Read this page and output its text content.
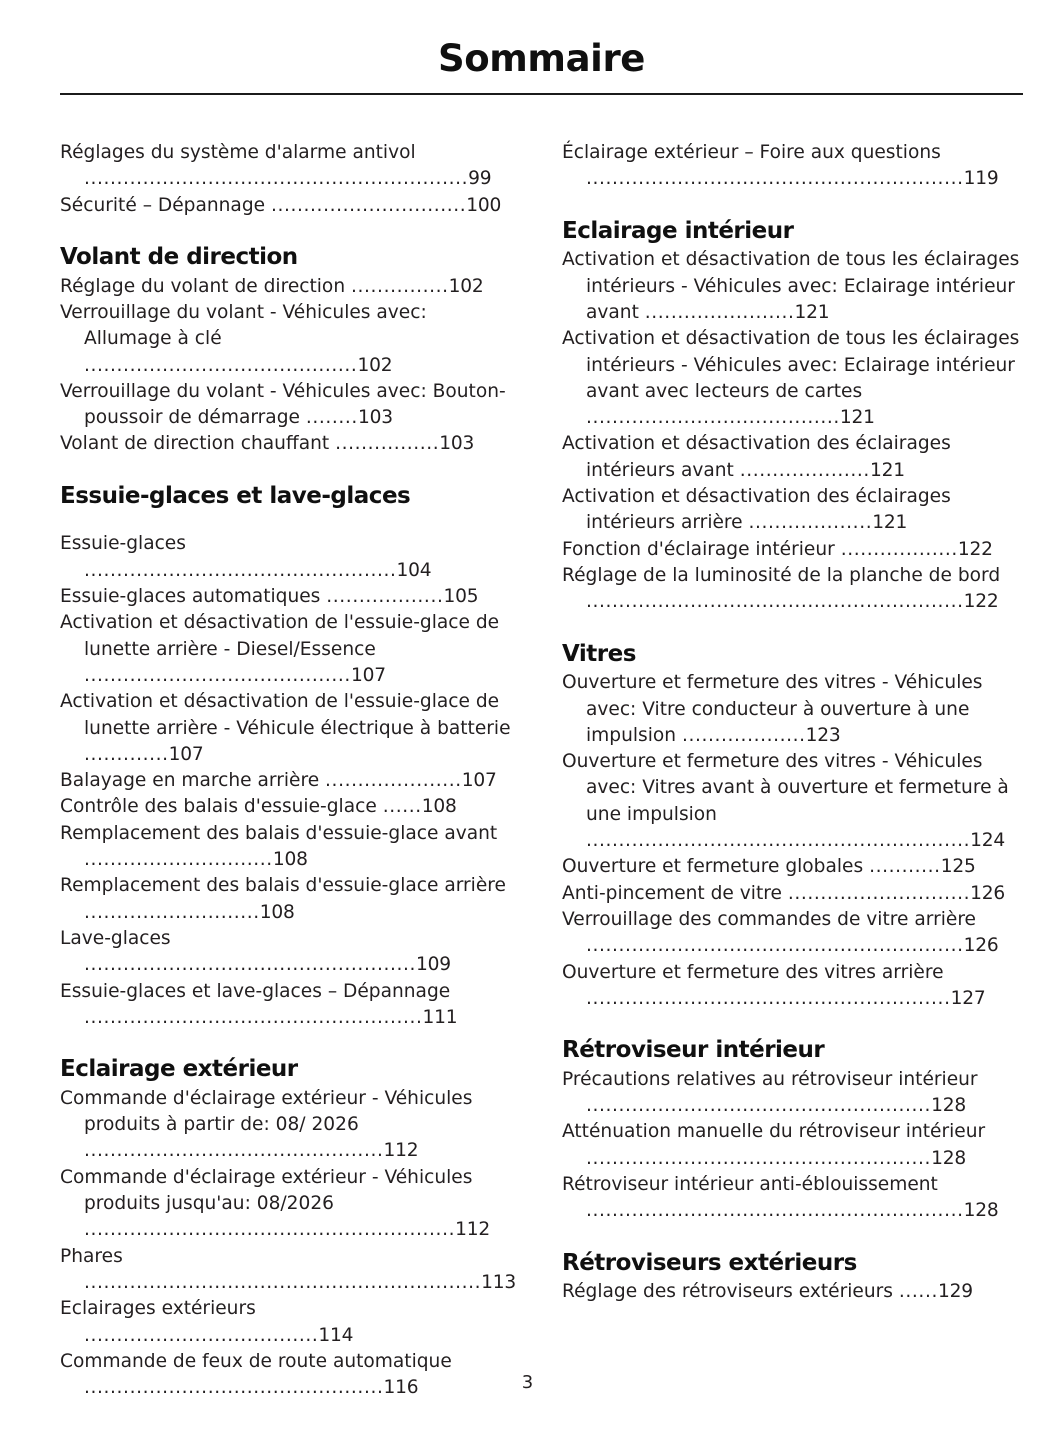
Sommaire
Réglages du système d'alarme antivol ...........................................................99
Sécurité – Dépannage ..............................100
Volant de direction
Réglage du volant de direction ...............102
Verrouillage du volant - Véhicules avec: Allumage à clé ..........................................102
Verrouillage du volant - Véhicules avec: Bouton-poussoir de démarrage ........103
Volant de direction chauffant ................103
Essuie-glaces et lave-glaces
Essuie-glaces ................................................104
Essuie-glaces automatiques ..................105
Activation et désactivation de l'essuie-glace de lunette arrière - Diesel/Essence .........................................107
Activation et désactivation de l'essuie-glace de lunette arrière - Véhicule électrique à batterie .............107
Balayage en marche arrière .....................107
Contrôle des balais d'essuie-glace ......108
Remplacement des balais d'essuie-glace avant .............................108
Remplacement des balais d'essuie-glace arrière ...........................108
Lave-glaces ...................................................109
Essuie-glaces et lave-glaces – Dépannage ....................................................111
Eclairage extérieur
Commande d'éclairage extérieur - Véhicules produits à partir de: 08/ 2026 ..............................................112
Commande d'éclairage extérieur - Véhicules produits jusqu'au: 08/2026 .........................................................112
Phares .............................................................113
Eclairages extérieurs ....................................114
Commande de feux de route automatique ..............................................116
Éclairage extérieur – Foire aux questions ..........................................................119
Eclairage intérieur
Activation et désactivation de tous les éclairages intérieurs - Véhicules avec: Eclairage intérieur avant .......................121
Activation et désactivation de tous les éclairages intérieurs - Véhicules avec: Eclairage intérieur avant avec lecteurs de cartes .......................................121
Activation et désactivation des éclairages intérieurs avant ....................121
Activation et désactivation des éclairages intérieurs arrière ...................121
Fonction d'éclairage intérieur ..................122
Réglage de la luminosité de la planche de bord ..........................................................122
Vitres
Ouverture et fermeture des vitres - Véhicules avec: Vitre conducteur à ouverture à une impulsion ...................123
Ouverture et fermeture des vitres - Véhicules avec: Vitres avant à ouverture et fermeture à une impulsion ...........................................................124
Ouverture et fermeture globales ...........125
Anti-pincement de vitre ............................126
Verrouillage des commandes de vitre arrière ..........................................................126
Ouverture et fermeture des vitres arrière ........................................................127
Rétroviseur intérieur
Précautions relatives au rétroviseur intérieur .....................................................128
Atténuation manuelle du rétroviseur intérieur .....................................................128
Rétroviseur intérieur anti-éblouissement ..........................................................128
Rétroviseurs extérieurs
Réglage des rétroviseurs extérieurs ......129
3
